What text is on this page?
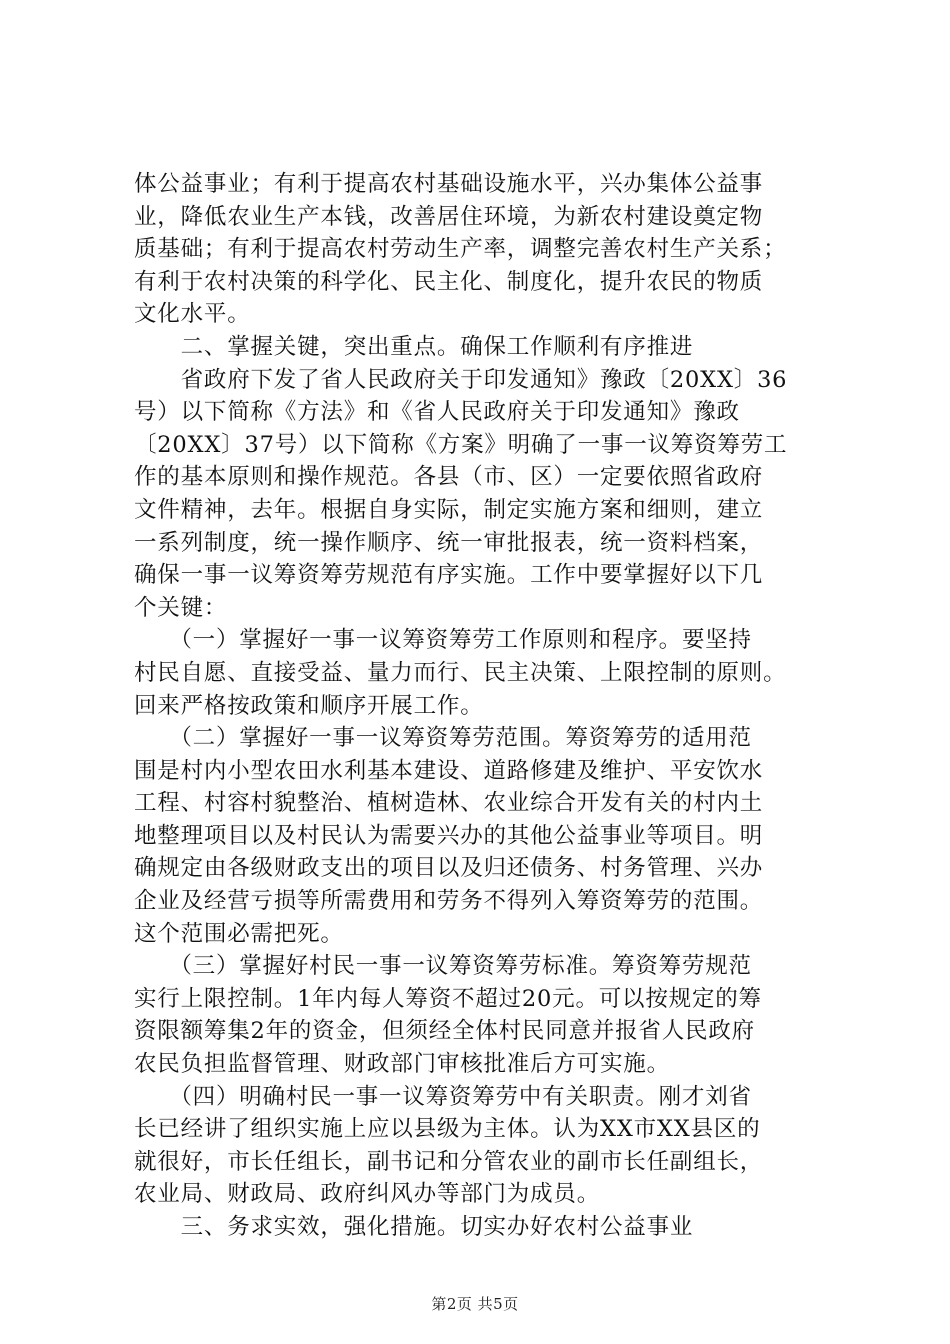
体公益事业；有利于提高农村基础设施水平，兴办集体公益事
业，降低农业生产本钱，改善居住环境，为新农村建设奠定物
质基础；有利于提高农村劳动生产率，调整完善农村生产关系；
有利于农村决策的科学化、民主化、制度化，提升农民的物质
文化水平。
　　二、掌握关键，突出重点。确保工作顺利有序推进
　　省政府下发了省人民政府关于印发通知》豫政〔20XX〕36
号）以下简称《方法》和《省人民政府关于印发通知》豫政
〔20XX〕37号）以下简称《方案》明确了一事一议筹资筹劳工
作的基本原则和操作规范。各县（市、区）一定要依照省政府
文件精神，去年。根据自身实际，制定实施方案和细则，建立
一系列制度，统一操作顺序、统一审批报表，统一资料档案，
确保一事一议筹资筹劳规范有序实施。工作中要掌握好以下几
个关键：
　　（一）掌握好一事一议筹资筹劳工作原则和程序。要坚持
村民自愿、直接受益、量力而行、民主决策、上限控制的原则。
回来严格按政策和顺序开展工作。
　　（二）掌握好一事一议筹资筹劳范围。筹资筹劳的适用范
围是村内小型农田水利基本建设、道路修建及维护、平安饮水
工程、村容村貌整治、植树造林、农业综合开发有关的村内土
地整理项目以及村民认为需要兴办的其他公益事业等项目。明
确规定由各级财政支出的项目以及归还债务、村务管理、兴办
企业及经营亏损等所需费用和劳务不得列入筹资筹劳的范围。
这个范围必需把死。
　　（三）掌握好村民一事一议筹资筹劳标准。筹资筹劳规范
实行上限控制。1年内每人筹资不超过20元。可以按规定的筹
资限额筹集2年的资金，但须经全体村民同意并报省人民政府
农民负担监督管理、财政部门审核批准后方可实施。
　　（四）明确村民一事一议筹资筹劳中有关职责。刚才刘省
长已经讲了组织实施上应以县级为主体。认为XX市XX县区的
就很好，市长任组长，副书记和分管农业的副市长任副组长，
农业局、财政局、政府纠风办等部门为成员。
　　三、务求实效，强化措施。切实办好农村公益事业
第2页 共5页
